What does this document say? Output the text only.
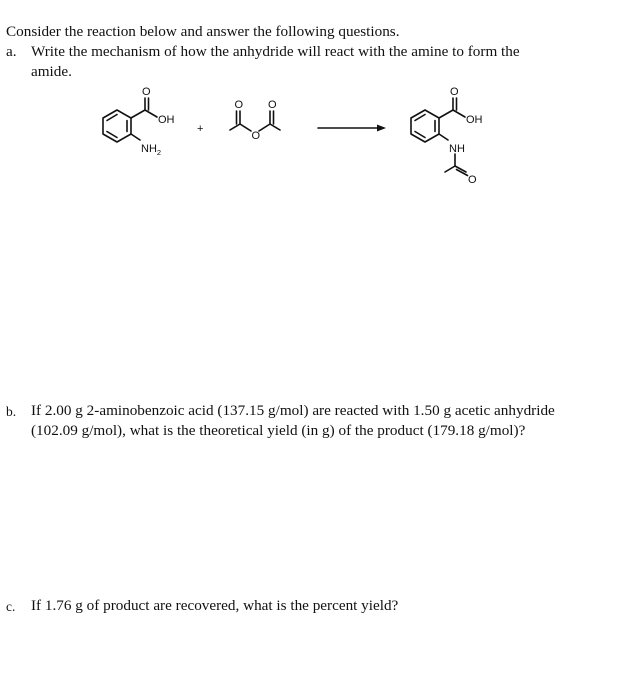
Consider the reaction below and answer the following questions.
a. Write the mechanism of how the anhydride will react with the amine to form the
amide.
O
OH
$NH_2$
+
O
O
O
O
OH
NH
O
b. If 2.00 g 2-aminobenzoic acid (137.15 g/mol) are reacted with 1.50 g acetic anhydride
(102.09 g/mol), what is the theoretical yield (in g) of the product (179.18 g/mol)?
c. If 1.76 g of product are recovered, what is the percent yield?
